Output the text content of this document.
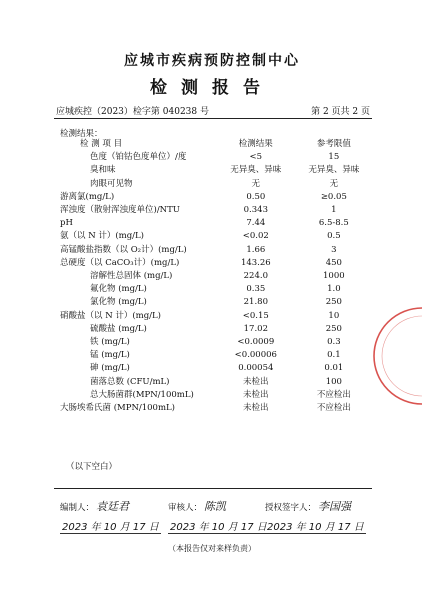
应城市疾病预防控制中心
检测报告
应城疾控（2023）检字第 040238 号	第 2 页共 2 页
检测结果：
检 测 项 目	检测结果	参考限值
色度（铂钴色度单位）/度	<5	15
臭和味	无异臭、异味	无异臭、异味
肉眼可见物	无	无
游离氯(mg/L)	0.50	≥0.05
浑浊度（散射浑浊度单位)/NTU	0.343	1
pH	7.44	6.5-8.5
氨（以 N 计）(mg/L)	<0.02	0.5
高锰酸盐指数（以 O₂计）(mg/L)	1.66	3
总硬度（以 CaCO₃计）(mg/L)	143.26	450
溶解性总固体 (mg/L)	224.0	1000
氟化物 (mg/L)	0.35	1.0
氯化物 (mg/L)	21.80	250
硝酸盐（以 N 计）(mg/L)	<0.15	10
硫酸盐 (mg/L)	17.02	250
铁 (mg/L)	<0.0009	0.3
锰 (mg/L)	<0.00006	0.1
砷 (mg/L)	0.00054	0.01
菌落总数 (CFU/mL)	未检出	100
总大肠菌群(MPN/100mL)	未检出	不应检出
大肠埃希氏菌 (MPN/100mL)	未检出	不应检出
（以下空白）
编制人： 袁廷君	审核人： 陈凯	授权签字人： 李国强
2023 年 10 月 17 日 2023 年 10 月 17 日 2023 年 10 月 17 日
（本报告仅对来样负责）
